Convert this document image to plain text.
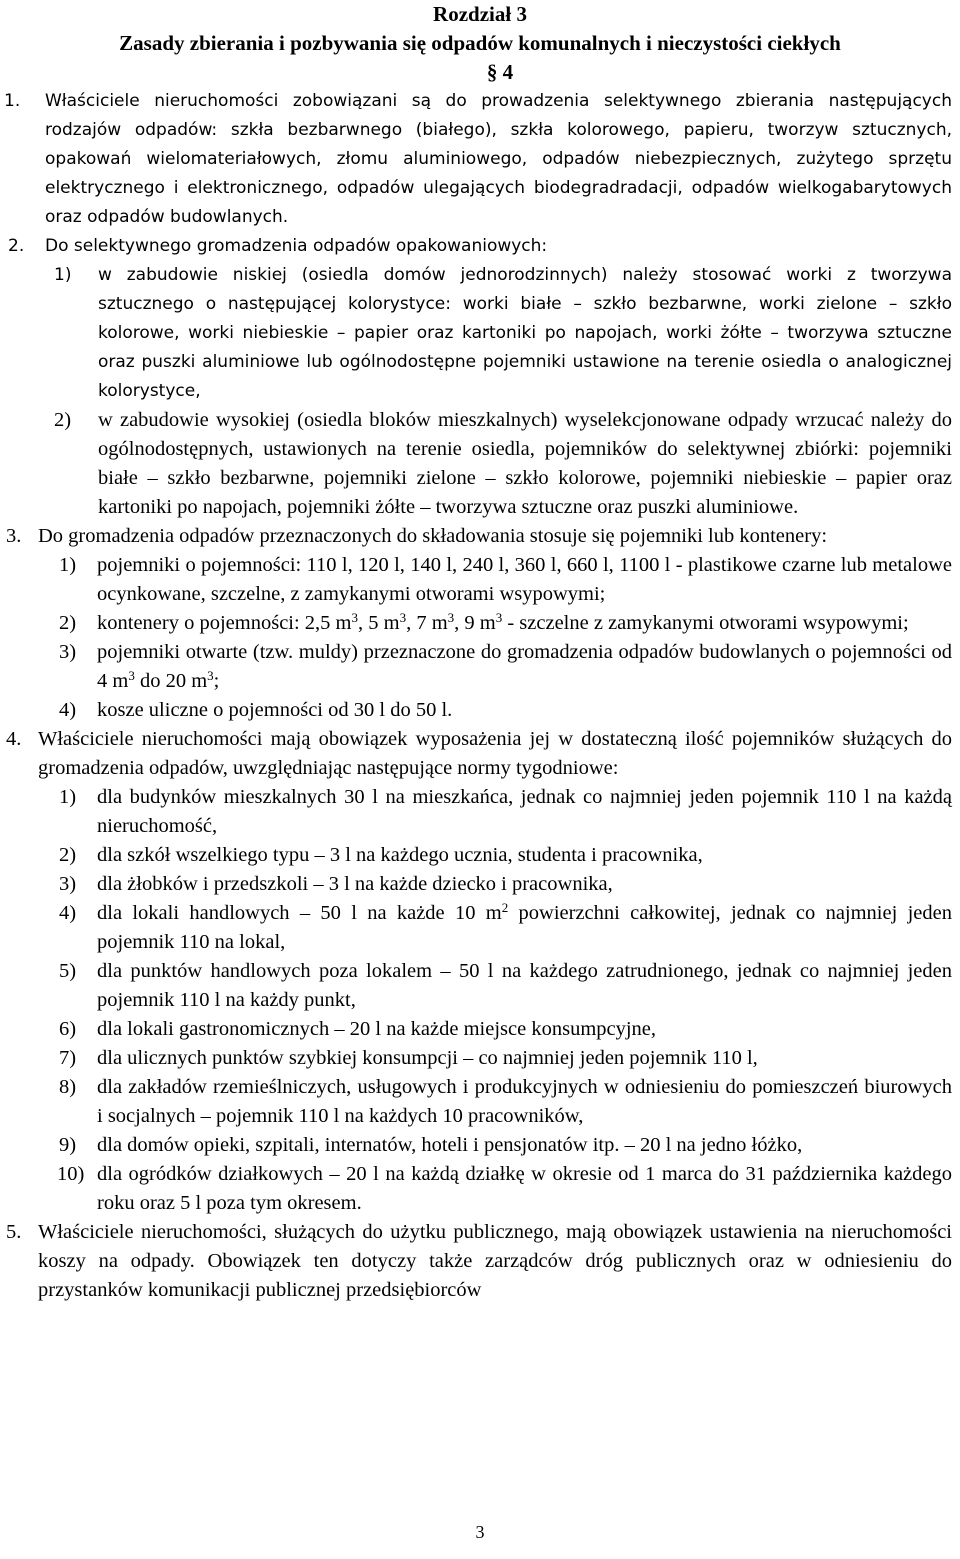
Rozdział 3
Zasady zbierania i pozbywania się odpadów komunalnych i nieczystości ciekłych
§ 4
1. Właściciele nieruchomości zobowiązani są do prowadzenia selektywnego zbierania następujących rodzajów odpadów: szkła bezbarwnego (białego), szkła kolorowego, papieru, tworzyw sztucznych, opakowań wielomateriałowych, złomu aluminiowego, odpadów niebezpiecznych, zużytego sprzętu elektrycznego i elektronicznego, odpadów ulegających biodegradradacji, odpadów wielkogabarytowych oraz odpadów budowlanych.
2. Do selektywnego gromadzenia odpadów opakowaniowych:
1) w zabudowie niskiej (osiedla domów jednorodzinnych) należy stosować worki z tworzywa sztucznego o następującej kolorystyce: worki białe – szkło bezbarwne, worki zielone – szkło kolorowe, worki niebieskie – papier oraz kartoniki po napojach, worki żółte – tworzywa sztuczne oraz puszki aluminiowe lub ogólnodostępne pojemniki ustawione na terenie osiedla o analogicznej kolorystyce,
2) w zabudowie wysokiej (osiedla bloków mieszkalnych) wyselekcjonowane odpady wrzucać należy do ogólnodostępnych, ustawionych na terenie osiedla, pojemników do selektywnej zbiórki: pojemniki białe – szkło bezbarwne, pojemniki zielone – szkło kolorowe, pojemniki niebieskie – papier oraz kartoniki po napojach, pojemniki żółte – tworzywa sztuczne oraz puszki aluminiowe.
3. Do gromadzenia odpadów przeznaczonych do składowania stosuje się pojemniki lub kontenery:
1) pojemniki o pojemności: 110 l, 120 l, 140 l, 240 l, 360 l, 660 l, 1100 l - plastikowe czarne lub metalowe ocynkowane, szczelne, z zamykanymi otworami wsypowymi;
2) kontenery o pojemności: 2,5 $m^3$, 5 $m^3$, 7 $m^3$, 9 $m^3$ - szczelne z zamykanymi otworami wsypowymi;
3) pojemniki otwarte (tzw. muldy) przeznaczone do gromadzenia odpadów budowlanych o pojemności od 4 $m^3$ do 20 $m^3$;
4) kosze uliczne o pojemności od 30 l do 50 l.
4. Właściciele nieruchomości mają obowiązek wyposażenia jej w dostateczną ilość pojemników służących do gromadzenia odpadów, uwzględniając następujące normy tygodniowe:
1) dla budynków mieszkalnych 30 l na mieszkańca, jednak co najmniej jeden pojemnik 110 l na każdą nieruchomość,
2) dla szkół wszelkiego typu – 3 l na każdego ucznia, studenta i pracownika,
3) dla żłobków i przedszkoli – 3 l na każde dziecko i pracownika,
4) dla lokali handlowych – 50 l na każde 10 $m^2$ powierzchni całkowitej, jednak co najmniej jeden pojemnik 110 na lokal,
5) dla punktów handlowych poza lokalem – 50 l na każdego zatrudnionego, jednak co najmniej jeden pojemnik 110 l na każdy punkt,
6) dla lokali gastronomicznych – 20 l na każde miejsce konsumpcyjne,
7) dla ulicznych punktów szybkiej konsumpcji – co najmniej jeden pojemnik 110 l,
8) dla zakładów rzemieślniczych, usługowych i produkcyjnych w odniesieniu do pomieszczeń biurowych i socjalnych – pojemnik 110 l na każdych 10 pracowników,
9) dla domów opieki, szpitali, internatów, hoteli i pensjonatów itp. – 20 l na jedno łóżko,
10) dla ogródków działkowych – 20 l na każdą działkę w okresie od 1 marca do 31 października każdego roku oraz 5 l poza tym okresem.
5. Właściciele nieruchomości, służących do użytku publicznego, mają obowiązek ustawienia na nieruchomości koszy na odpady. Obowiązek ten dotyczy także zarządców dróg publicznych oraz w odniesieniu do przystanków komunikacji publicznej przedsiębiorców
3
